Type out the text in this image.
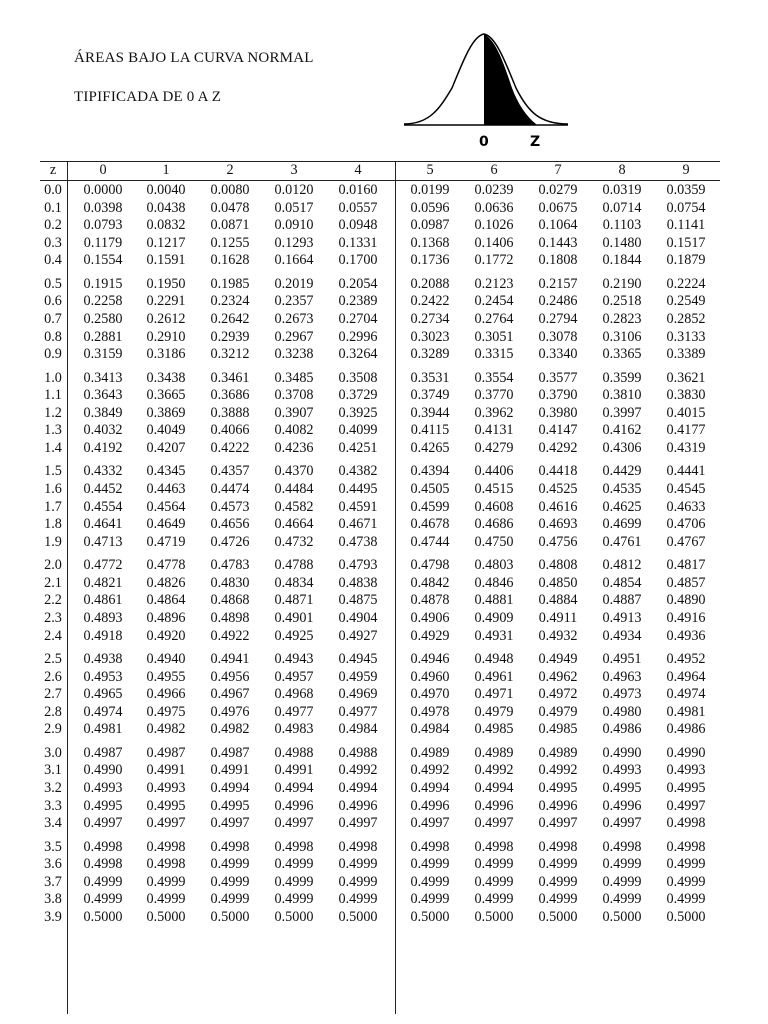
ÁREAS BAJO LA CURVA NORMAL
TIPIFICADA DE 0 A Z
0	Z
z	0	1	2	3	4	5	6	7	8	9
0.0	0.0000	0.0040	0.0080	0.0120	0.0160	0.0199	0.0239	0.0279	0.0319	0.0359
0.1	0.0398	0.0438	0.0478	0.0517	0.0557	0.0596	0.0636	0.0675	0.0714	0.0754
0.2	0.0793	0.0832	0.0871	0.0910	0.0948	0.0987	0.1026	0.1064	0.1103	0.1141
0.3	0.1179	0.1217	0.1255	0.1293	0.1331	0.1368	0.1406	0.1443	0.1480	0.1517
0.4	0.1554	0.1591	0.1628	0.1664	0.1700	0.1736	0.1772	0.1808	0.1844	0.1879
0.5	0.1915	0.1950	0.1985	0.2019	0.2054	0.2088	0.2123	0.2157	0.2190	0.2224
0.6	0.2258	0.2291	0.2324	0.2357	0.2389	0.2422	0.2454	0.2486	0.2518	0.2549
0.7	0.2580	0.2612	0.2642	0.2673	0.2704	0.2734	0.2764	0.2794	0.2823	0.2852
0.8	0.2881	0.2910	0.2939	0.2967	0.2996	0.3023	0.3051	0.3078	0.3106	0.3133
0.9	0.3159	0.3186	0.3212	0.3238	0.3264	0.3289	0.3315	0.3340	0.3365	0.3389
1.0	0.3413	0.3438	0.3461	0.3485	0.3508	0.3531	0.3554	0.3577	0.3599	0.3621
1.1	0.3643	0.3665	0.3686	0.3708	0.3729	0.3749	0.3770	0.3790	0.3810	0.3830
1.2	0.3849	0.3869	0.3888	0.3907	0.3925	0.3944	0.3962	0.3980	0.3997	0.4015
1.3	0.4032	0.4049	0.4066	0.4082	0.4099	0.4115	0.4131	0.4147	0.4162	0.4177
1.4	0.4192	0.4207	0.4222	0.4236	0.4251	0.4265	0.4279	0.4292	0.4306	0.4319
1.5	0.4332	0.4345	0.4357	0.4370	0.4382	0.4394	0.4406	0.4418	0.4429	0.4441
1.6	0.4452	0.4463	0.4474	0.4484	0.4495	0.4505	0.4515	0.4525	0.4535	0.4545
1.7	0.4554	0.4564	0.4573	0.4582	0.4591	0.4599	0.4608	0.4616	0.4625	0.4633
1.8	0.4641	0.4649	0.4656	0.4664	0.4671	0.4678	0.4686	0.4693	0.4699	0.4706
1.9	0.4713	0.4719	0.4726	0.4732	0.4738	0.4744	0.4750	0.4756	0.4761	0.4767
2.0	0.4772	0.4778	0.4783	0.4788	0.4793	0.4798	0.4803	0.4808	0.4812	0.4817
2.1	0.4821	0.4826	0.4830	0.4834	0.4838	0.4842	0.4846	0.4850	0.4854	0.4857
2.2	0.4861	0.4864	0.4868	0.4871	0.4875	0.4878	0.4881	0.4884	0.4887	0.4890
2.3	0.4893	0.4896	0.4898	0.4901	0.4904	0.4906	0.4909	0.4911	0.4913	0.4916
2.4	0.4918	0.4920	0.4922	0.4925	0.4927	0.4929	0.4931	0.4932	0.4934	0.4936
2.5	0.4938	0.4940	0.4941	0.4943	0.4945	0.4946	0.4948	0.4949	0.4951	0.4952
2.6	0.4953	0.4955	0.4956	0.4957	0.4959	0.4960	0.4961	0.4962	0.4963	0.4964
2.7	0.4965	0.4966	0.4967	0.4968	0.4969	0.4970	0.4971	0.4972	0.4973	0.4974
2.8	0.4974	0.4975	0.4976	0.4977	0.4977	0.4978	0.4979	0.4979	0.4980	0.4981
2.9	0.4981	0.4982	0.4982	0.4983	0.4984	0.4984	0.4985	0.4985	0.4986	0.4986
3.0	0.4987	0.4987	0.4987	0.4988	0.4988	0.4989	0.4989	0.4989	0.4990	0.4990
3.1	0.4990	0.4991	0.4991	0.4991	0.4992	0.4992	0.4992	0.4992	0.4993	0.4993
3.2	0.4993	0.4993	0.4994	0.4994	0.4994	0.4994	0.4994	0.4995	0.4995	0.4995
3.3	0.4995	0.4995	0.4995	0.4996	0.4996	0.4996	0.4996	0.4996	0.4996	0.4997
3.4	0.4997	0.4997	0.4997	0.4997	0.4997	0.4997	0.4997	0.4997	0.4997	0.4998
3.5	0.4998	0.4998	0.4998	0.4998	0.4998	0.4998	0.4998	0.4998	0.4998	0.4998
3.6	0.4998	0.4998	0.4999	0.4999	0.4999	0.4999	0.4999	0.4999	0.4999	0.4999
3.7	0.4999	0.4999	0.4999	0.4999	0.4999	0.4999	0.4999	0.4999	0.4999	0.4999
3.8	0.4999	0.4999	0.4999	0.4999	0.4999	0.4999	0.4999	0.4999	0.4999	0.4999
3.9	0.5000	0.5000	0.5000	0.5000	0.5000	0.5000	0.5000	0.5000	0.5000	0.5000
